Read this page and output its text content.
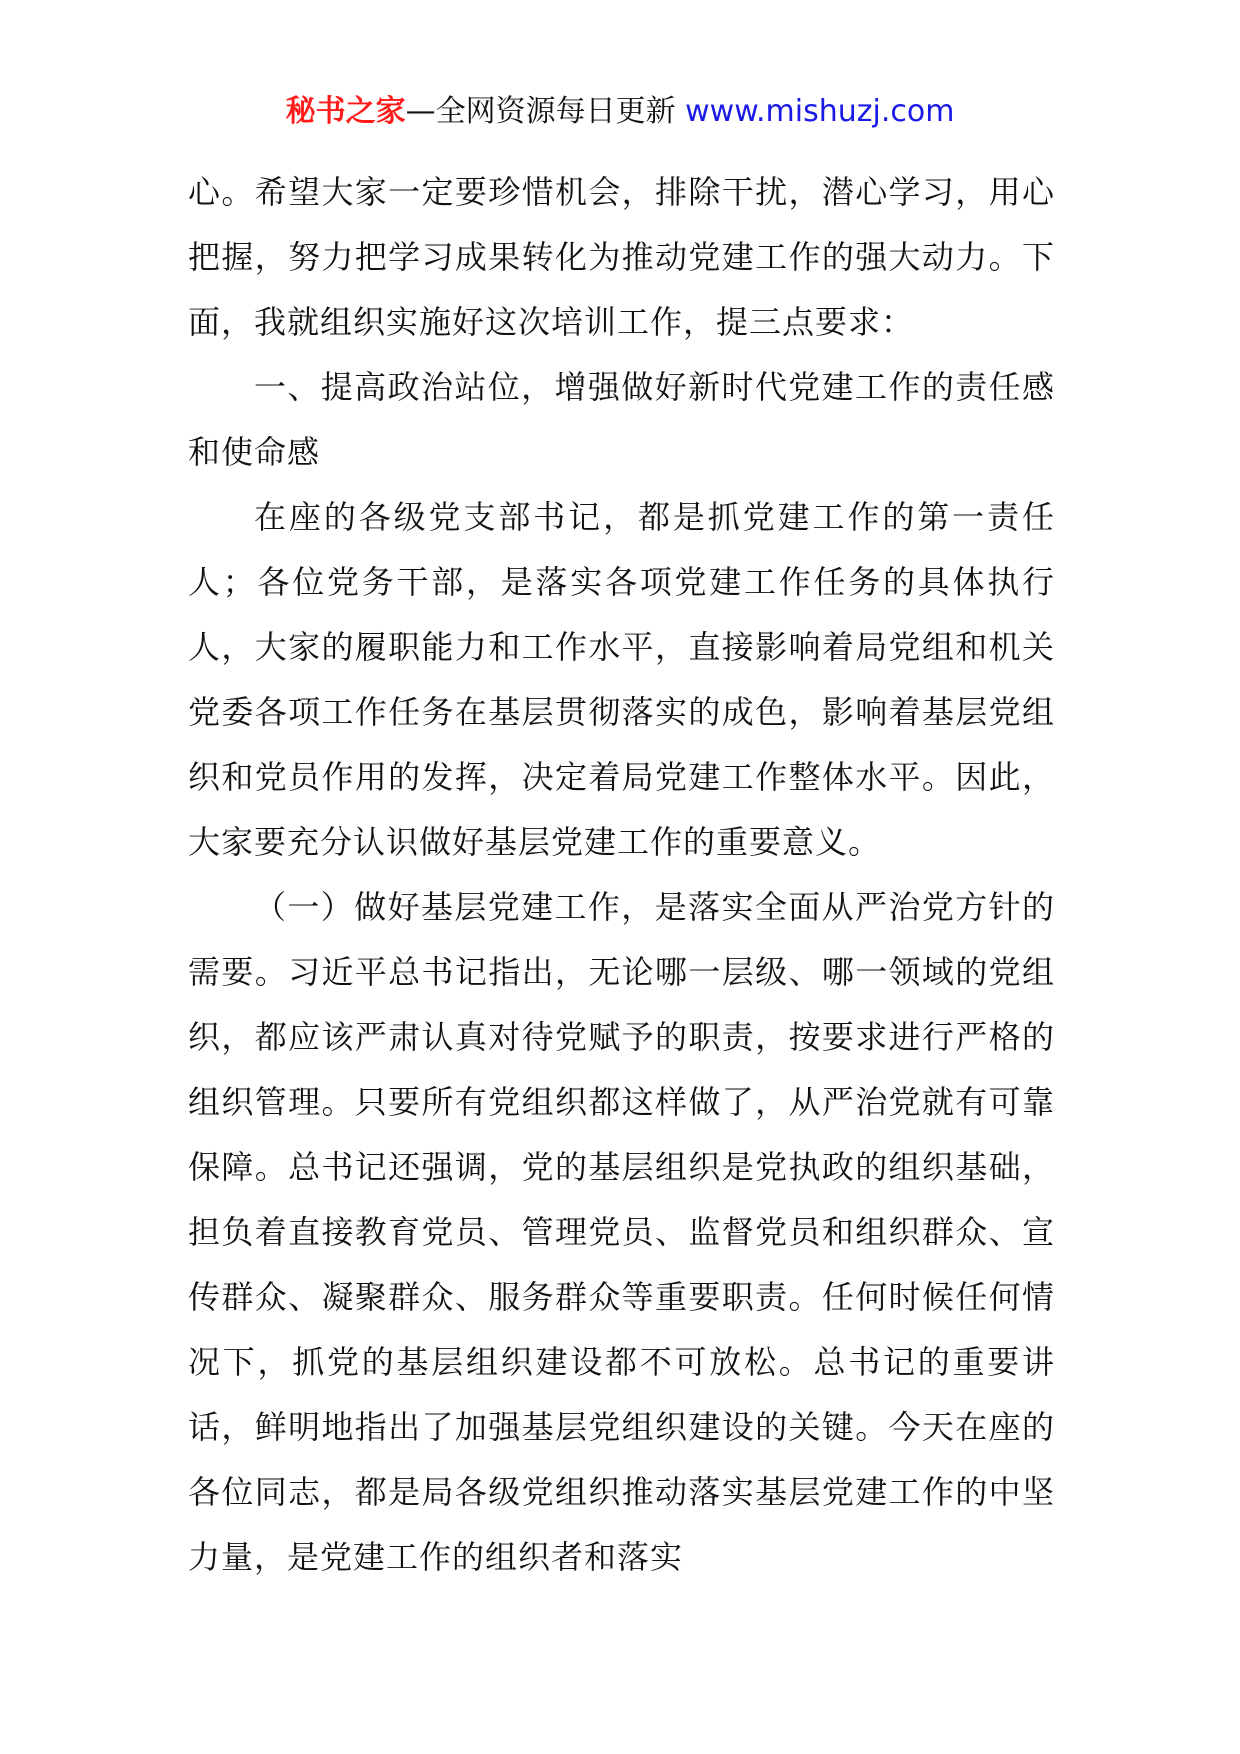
秘书之家—全网资源每日更新 www.mishuzj.com

心。希望大家一定要珍惜机会，排除干扰，潜心学习，用心把握，努力把学习成果转化为推动党建工作的强大动力。下面，我就组织实施好这次培训工作，提三点要求：

一、提高政治站位，增强做好新时代党建工作的责任感和使命感

在座的各级党支部书记，都是抓党建工作的第一责任人；各位党务干部，是落实各项党建工作任务的具体执行人，大家的履职能力和工作水平，直接影响着局党组和机关党委各项工作任务在基层贯彻落实的成色，影响着基层党组织和党员作用的发挥，决定着局党建工作整体水平。因此，大家要充分认识做好基层党建工作的重要意义。

（一）做好基层党建工作，是落实全面从严治党方针的需要。习近平总书记指出，无论哪一层级、哪一领域的党组织，都应该严肃认真对待党赋予的职责，按要求进行严格的组织管理。只要所有党组织都这样做了，从严治党就有可靠保障。总书记还强调，党的基层组织是党执政的组织基础，担负着直接教育党员、管理党员、监督党员和组织群众、宣传群众、凝聚群众、服务群众等重要职责。任何时候任何情况下，抓党的基层组织建设都不可放松。总书记的重要讲话，鲜明地指出了加强基层党组织建设的关键。今天在座的各位同志，都是局各级党组织推动落实基层党建工作的中坚力量，是党建工作的组织者和落实
